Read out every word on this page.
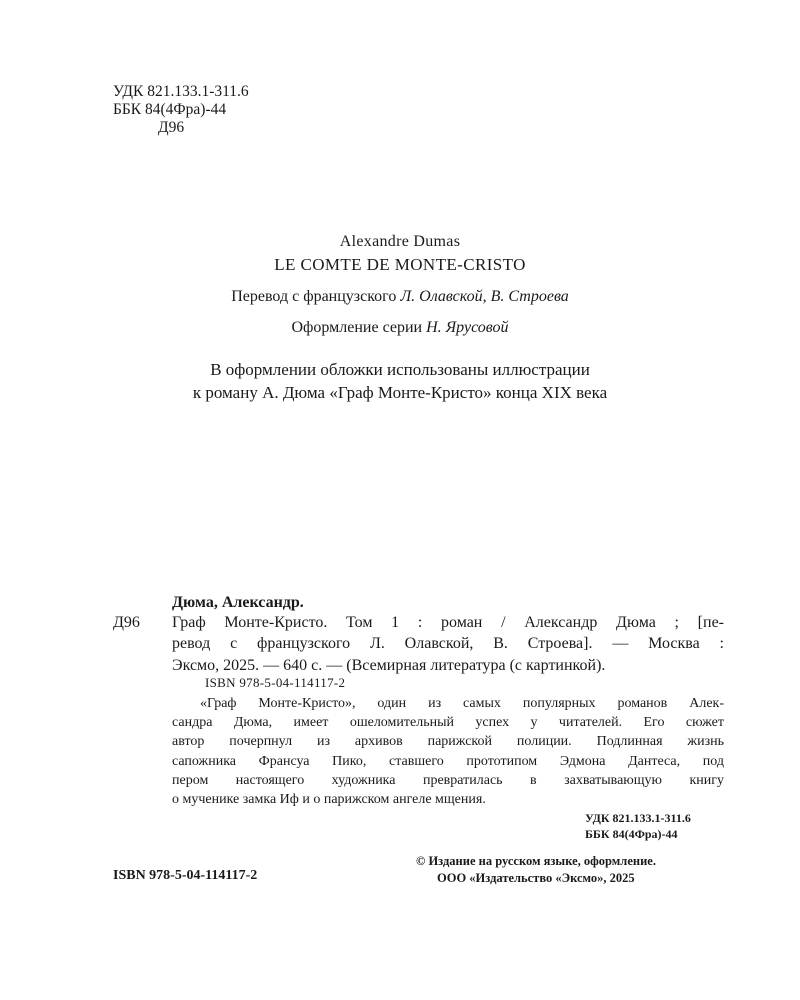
УДК 821.133.1-311.6
ББК 84(4Фра)-44
Д96
Alexandre Dumas
LE COMTE DE MONTE-CRISTO
Перевод с французского Л. Олавской, В. Строева
Оформление серии Н. Ярусовой
В оформлении обложки использованы иллюстрации
к роману А. Дюма «Граф Монте-Кристо» конца XIX века
Дюма, Александр.
Д96 Граф Монте-Кристо. Том 1 : роман / Александр Дюма ; [пе-
ревод с французского Л. Олавской, В. Строева]. — Москва :
Эксмо, 2025. — 640 с. — (Всемирная литература (с картинкой).
ISBN 978-5-04-114117-2
«Граф Монте-Кристо», один из самых популярных романов Алек-
сандра Дюма, имеет ошеломительный успех у читателей. Его сюжет
автор почерпнул из архивов парижской полиции. Подлинная жизнь
сапожника Франсуа Пико, ставшего прототипом Эдмона Дантеса, под
пером настоящего художника превратилась в захватывающую книгу
о мученике замка Иф и о парижском ангеле мщения.
УДК 821.133.1-311.6
ББК 84(4Фра)-44
ISBN 978-5-04-114117-2
© Издание на русском языке, оформление.
ООО «Издательство «Эксмо», 2025
